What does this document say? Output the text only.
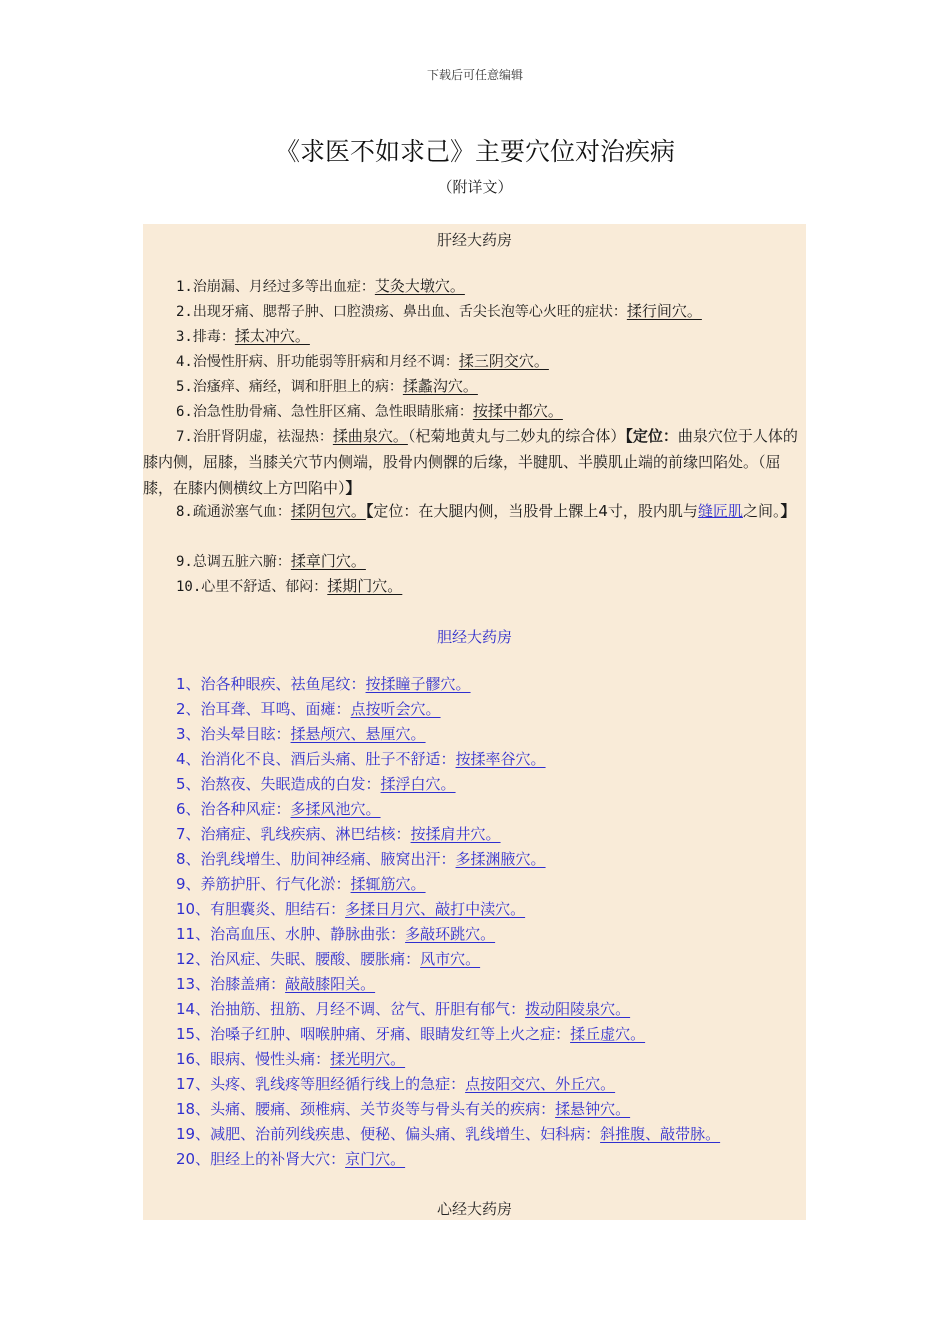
下载后可任意编辑
《求医不如求己》主要穴位对治疾病
（附详文）
肝经大药房
1.治崩漏、月经过多等出血症：艾灸大墩穴。
2.出现牙痛、腮帮子肿、口腔溃疡、鼻出血、舌尖长泡等心火旺的症状：揉行间穴。
3.排毒：揉太冲穴。
4.治慢性肝病、肝功能弱等肝病和月经不调：揉三阴交穴。
5.治瘙痒、痛经，调和肝胆上的病：揉蠡沟穴。
6.治急性肋骨痛、急性肝区痛、急性眼睛胀痛：按揉中都穴。
7.治肝肾阴虚，祛湿热：揉曲泉穴。（杞菊地黄丸与二妙丸的综合体）【定位：曲泉穴位于人体的膝内侧，屈膝，当膝关穴节内侧端，股骨内侧髁的后缘，半腱肌、半膜肌止端的前缘凹陷处。（屈膝，在膝内侧横纹上方凹陷中）】
8.疏通淤塞气血：揉阴包穴。【定位：在大腿内侧，当股骨上髁上4寸，股内肌与缝匠肌之间。】
9.总调五脏六腑：揉章门穴。
10.心里不舒适、郁闷：揉期门穴。
胆经大药房
1、治各种眼疾、祛鱼尾纹：按揉瞳子髎穴。
2、治耳聋、耳鸣、面瘫：点按听会穴。
3、治头晕目眩：揉悬颅穴、悬厘穴。
4、治消化不良、酒后头痛、肚子不舒适：按揉率谷穴。
5、治熬夜、失眠造成的白发：揉浮白穴。
6、治各种风症：多揉风池穴。
7、治痛症、乳线疾病、淋巴结核：按揉肩井穴。
8、治乳线增生、肋间神经痛、腋窝出汗：多揉渊腋穴。
9、养筋护肝、行气化淤：揉辄筋穴。
10、有胆囊炎、胆结石：多揉日月穴、敲打中渎穴。
11、治高血压、水肿、静脉曲张：多敲环跳穴。
12、治风症、失眠、腰酸、腰胀痛：风市穴。
13、治膝盖痛：敲敲膝阳关。
14、治抽筋、扭筋、月经不调、岔气、肝胆有郁气：拨动阳陵泉穴。
15、治嗓子红肿、咽喉肿痛、牙痛、眼睛发红等上火之症：揉丘虚穴。
16、眼病、慢性头痛：揉光明穴。
17、头疼、乳线疼等胆经循行线上的急症：点按阳交穴、外丘穴。
18、头痛、腰痛、颈椎病、关节炎等与骨头有关的疾病：揉悬钟穴。
19、减肥、治前列线疾患、便秘、偏头痛、乳线增生、妇科病：斜推腹、敲带脉。
20、胆经上的补肾大穴：京门穴。
心经大药房
